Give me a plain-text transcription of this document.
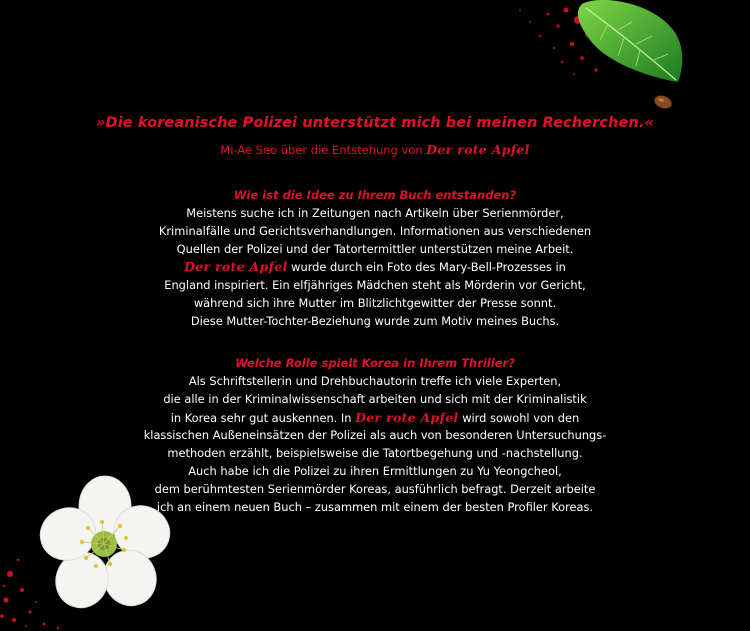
»Die koreanische Polizei unterstützt mich bei meinen Recherchen.«
Mi-Ae Seo über die Entstehung von Der rote Apfel
Wie ist die Idee zu Ihrem Buch entstanden?
Meistens suche ich in Zeitungen nach Artikeln über Serienmörder,
Kriminalfälle und Gerichtsverhandlungen. Informationen aus verschiedenen
Quellen der Polizei und der Tatortermittler unterstützen meine Arbeit.
Der rote Apfel wurde durch ein Foto des Mary-Bell-Prozesses in
England inspiriert. Ein elfjähriges Mädchen steht als Mörderin vor Gericht,
während sich ihre Mutter im Blitzlichtgewitter der Presse sonnt.
Diese Mutter-Tochter-Beziehung wurde zum Motiv meines Buchs.
Welche Rolle spielt Korea in Ihrem Thriller?
Als Schriftstellerin und Drehbuchautorin treffe ich viele Experten,
die alle in der Kriminalwissenschaft arbeiten und sich mit der Kriminalistik
in Korea sehr gut auskennen. In Der rote Apfel wird sowohl von den
klassischen Außeneinsätzen der Polizei als auch von besonderen Untersuchungs-
methoden erzählt, beispielsweise die Tatortbegehung und -nachstellung.
Auch habe ich die Polizei zu ihren Ermittlungen zu Yu Yeongcheol,
dem berühmtesten Serienmörder Koreas, ausführlich befragt. Derzeit arbeite
ich an einem neuen Buch – zusammen mit einem der besten Profiler Koreas.
